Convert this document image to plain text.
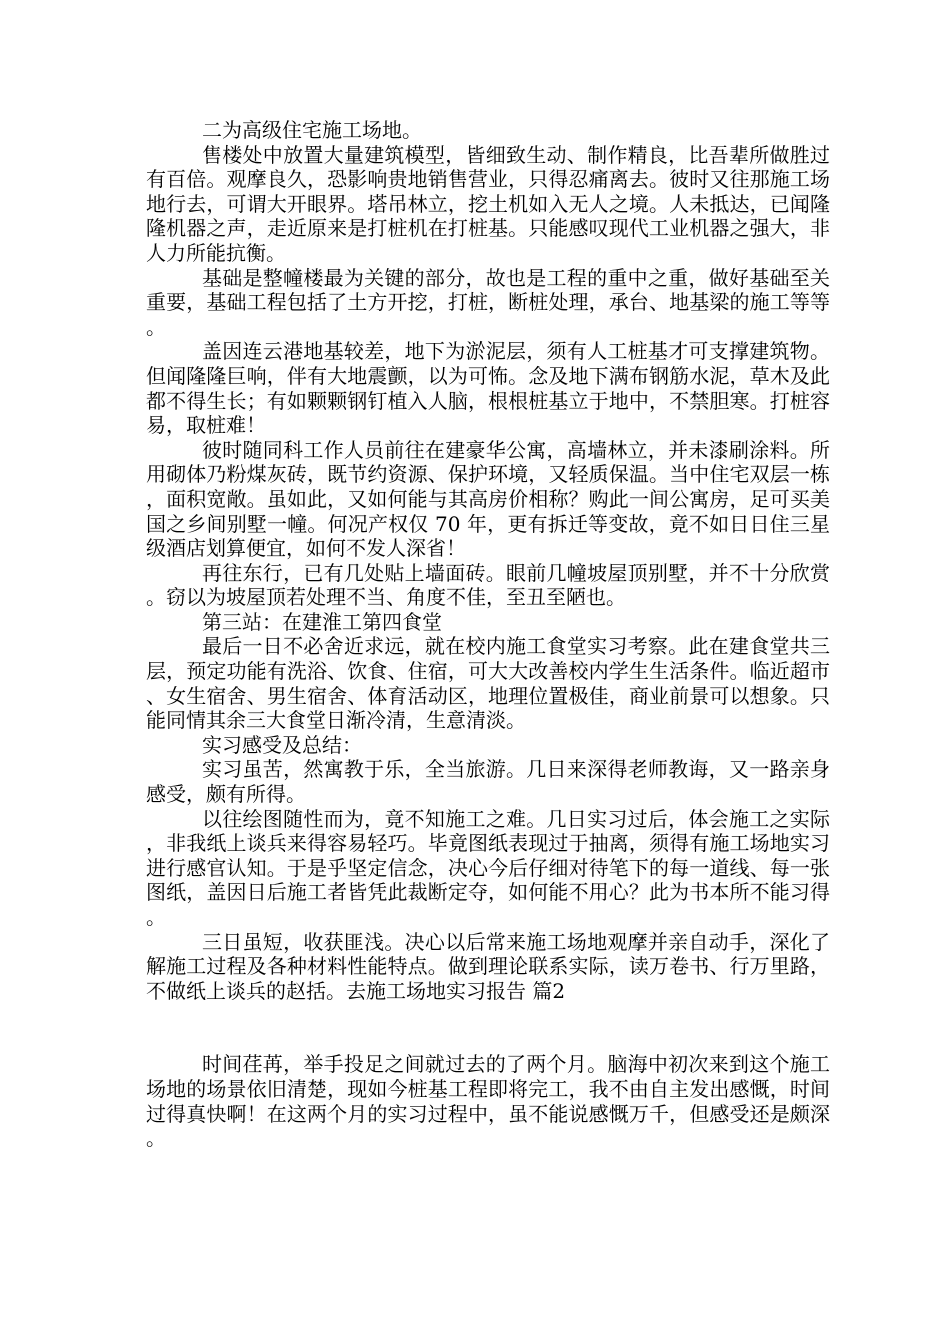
二为高级住宅施工场地。

售楼处中放置大量建筑模型，皆细致生动、制作精良，比吾辈所做胜过有百倍。观摩良久，恐影响贵地销售营业，只得忍痛离去。彼时又往那施工场地行去，可谓大开眼界。塔吊林立，挖土机如入无人之境。人未抵达，已闻隆隆机器之声，走近原来是打桩机在打桩基。只能感叹现代工业机器之强大，非人力所能抗衡。

基础是整幢楼最为关键的部分，故也是工程的重中之重，做好基础至关重要，基础工程包括了土方开挖，打桩，断桩处理，承台、地基梁的施工等等。

盖因连云港地基较差，地下为淤泥层，须有人工桩基才可支撑建筑物。但闻隆隆巨响，伴有大地震颤，以为可怖。念及地下满布钢筋水泥，草木及此都不得生长；有如颗颗钢钉植入人脑，根根桩基立于地中，不禁胆寒。打桩容易，取桩难！

彼时随同科工作人员前往在建豪华公寓，高墙林立，并未漆刷涂料。所用砌体乃粉煤灰砖，既节约资源、保护环境，又轻质保温。当中住宅双层一栋，面积宽敞。虽如此，又如何能与其高房价相称？购此一间公寓房，足可买美国之乡间别墅一幢。何况产权仅 70 年，更有拆迁等变故，竟不如日日住三星级酒店划算便宜，如何不发人深省！

再往东行，已有几处贴上墙面砖。眼前几幢坡屋顶别墅，并不十分欣赏。窃以为坡屋顶若处理不当、角度不佳，至丑至陋也。

第三站：在建淮工第四食堂

最后一日不必舍近求远，就在校内施工食堂实习考察。此在建食堂共三层，预定功能有洗浴、饮食、住宿，可大大改善校内学生生活条件。临近超市、女生宿舍、男生宿舍、体育活动区，地理位置极佳，商业前景可以想象。只能同情其余三大食堂日渐冷清，生意清淡。

实习感受及总结：

实习虽苦，然寓教于乐，全当旅游。几日来深得老师教诲，又一路亲身感受，颇有所得。

以往绘图随性而为，竟不知施工之难。几日实习过后，体会施工之实际，非我纸上谈兵来得容易轻巧。毕竟图纸表现过于抽离，须得有施工场地实习进行感官认知。于是乎坚定信念，决心今后仔细对待笔下的每一道线、每一张图纸，盖因日后施工者皆凭此裁断定夺，如何能不用心？此为书本所不能习得。

三日虽短，收获匪浅。决心以后常来施工场地观摩并亲自动手，深化了解施工过程及各种材料性能特点。做到理论联系实际，读万卷书、行万里路，不做纸上谈兵的赵括。去施工场地实习报告 篇2

时间荏苒，举手投足之间就过去的了两个月。脑海中初次来到这个施工场地的场景依旧清楚，现如今桩基工程即将完工，我不由自主发出感慨，时间过得真快啊！在这两个月的实习过程中，虽不能说感慨万千，但感受还是颇深。
